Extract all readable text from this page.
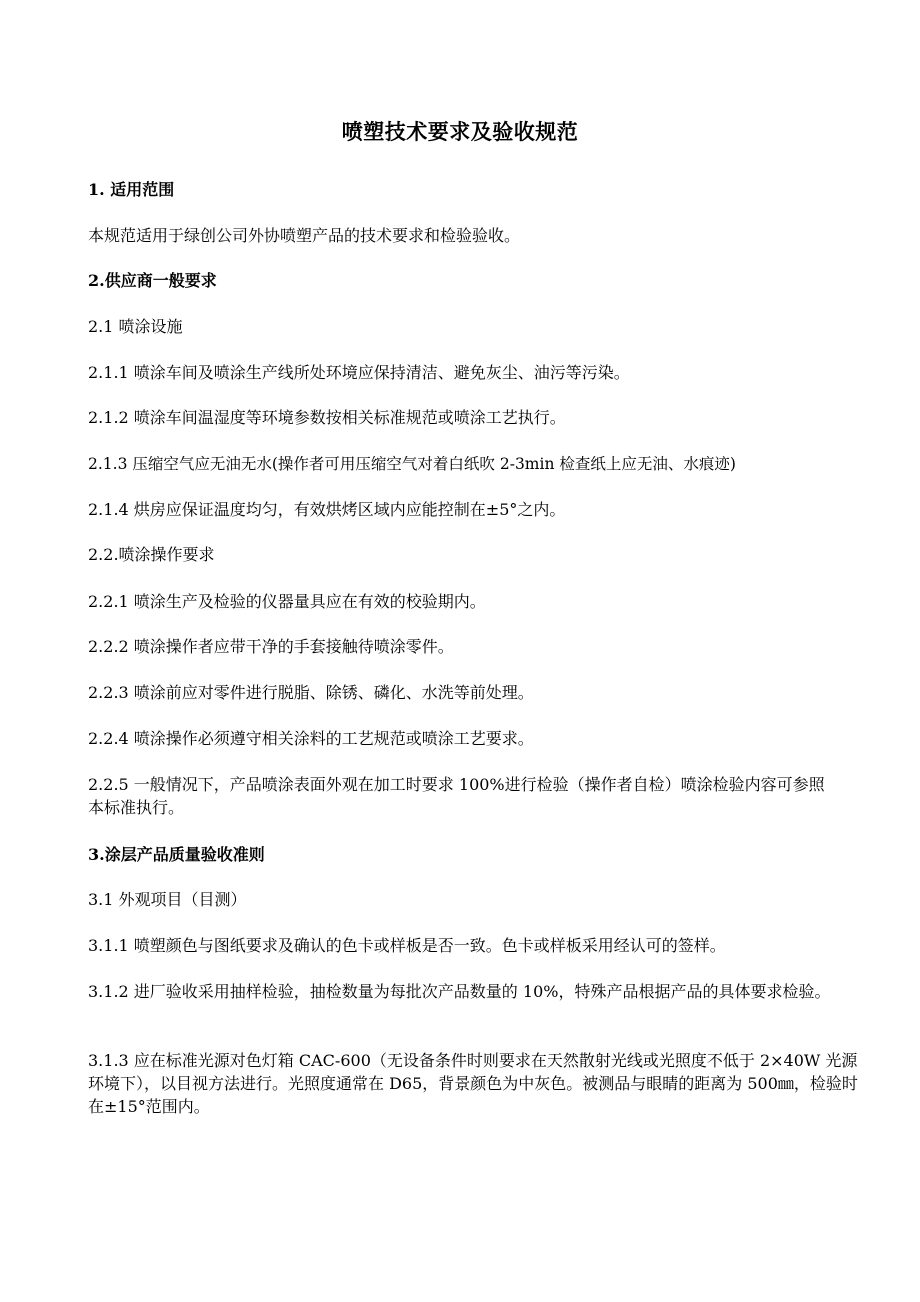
喷塑技术要求及验收规范
1. 适用范围
本规范适用于绿创公司外协喷塑产品的技术要求和检验验收。
2.供应商一般要求
2.1 喷涂设施
2.1.1 喷涂车间及喷涂生产线所处环境应保持清洁、避免灰尘、油污等污染。
2.1.2 喷涂车间温湿度等环境参数按相关标准规范或喷涂工艺执行。
2.1.3 压缩空气应无油无水(操作者可用压缩空气对着白纸吹 2-3min 检查纸上应无油、水痕迹)
2.1.4 烘房应保证温度均匀，有效烘烤区域内应能控制在±5°之内。
2.2.喷涂操作要求
2.2.1 喷涂生产及检验的仪器量具应在有效的校验期内。
2.2.2 喷涂操作者应带干净的手套接触待喷涂零件。
2.2.3 喷涂前应对零件进行脱脂、除锈、磷化、水洗等前处理。
2.2.4 喷涂操作必须遵守相关涂料的工艺规范或喷涂工艺要求。
2.2.5 一般情况下，产品喷涂表面外观在加工时要求 100%进行检验（操作者自检）喷涂检验内容可参照本标准执行。
3.涂层产品质量验收准则
3.1 外观项目（目测）
3.1.1 喷塑颜色与图纸要求及确认的色卡或样板是否一致。色卡或样板采用经认可的签样。
3.1.2 进厂验收采用抽样检验，抽检数量为每批次产品数量的 10%，特殊产品根据产品的具体要求检验。
3.1.3 应在标准光源对色灯箱 CAC-600（无设备条件时则要求在天然散射光线或光照度不低于 2×40W 光源环境下），以目视方法进行。光照度通常在 D65，背景颜色为中灰色。被测品与眼睛的距离为 500㎜，检验时在±15°范围内。
